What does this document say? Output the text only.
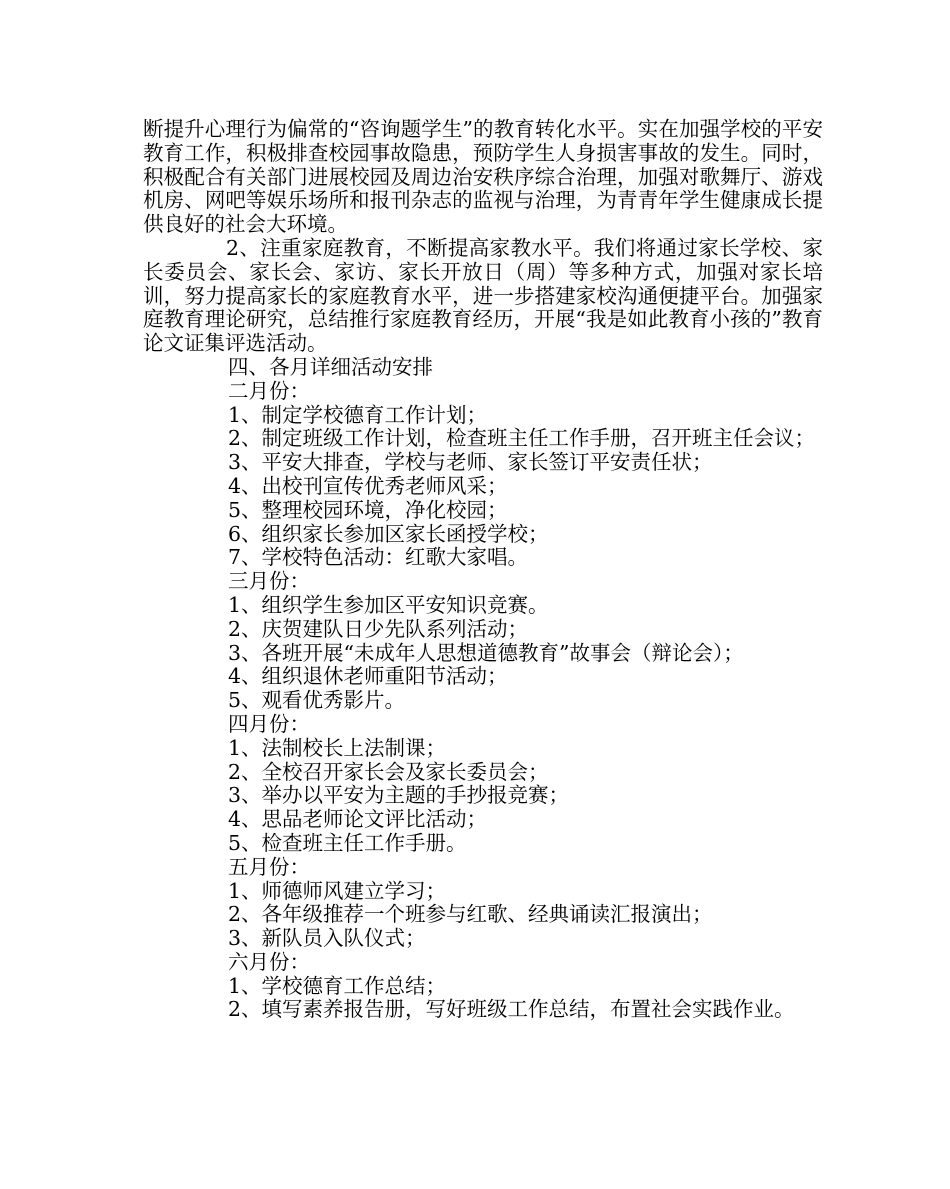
断提升心理行为偏常的“咨询题学生”的教育转化水平。实在加强学校的平安教育工作，积极排查校园事故隐患，预防学生人身损害事故的发生。同时，积极配合有关部门进展校园及周边治安秩序综合治理，加强对歌舞厅、游戏机房、网吧等娱乐场所和报刊杂志的监视与治理，为青青年学生健康成长提供良好的社会大环境。

2、注重家庭教育，不断提高家教水平。我们将通过家长学校、家长委员会、家长会、家访、家长开放日（周）等多种方式，加强对家长培训，努力提高家长的家庭教育水平，进一步搭建家校沟通便捷平台。加强家庭教育理论研究，总结推行家庭教育经历，开展“我是如此教育小孩的”教育论文证集评选活动。

四、各月详细活动安排

二月份：

1、制定学校德育工作计划；

2、制定班级工作计划，检查班主任工作手册，召开班主任会议；

3、平安大排查，学校与老师、家长签订平安责任状；

4、出校刊宣传优秀老师风采；

5、整理校园环境，净化校园；

6、组织家长参加区家长函授学校；

7、学校特色活动：红歌大家唱。

三月份：

1、组织学生参加区平安知识竞赛。

2、庆贺建队日少先队系列活动；

3、各班开展“未成年人思想道德教育”故事会（辩论会）；

4、组织退休老师重阳节活动；

5、观看优秀影片。

四月份：

1、法制校长上法制课；

2、全校召开家长会及家长委员会；

3、举办以平安为主题的手抄报竞赛；

4、思品老师论文评比活动；

5、检查班主任工作手册。

五月份：

1、师德师风建立学习；

2、各年级推荐一个班参与红歌、经典诵读汇报演出；

3、新队员入队仪式；

六月份：

1、学校德育工作总结；

2、填写素养报告册，写好班级工作总结，布置社会实践作业。
